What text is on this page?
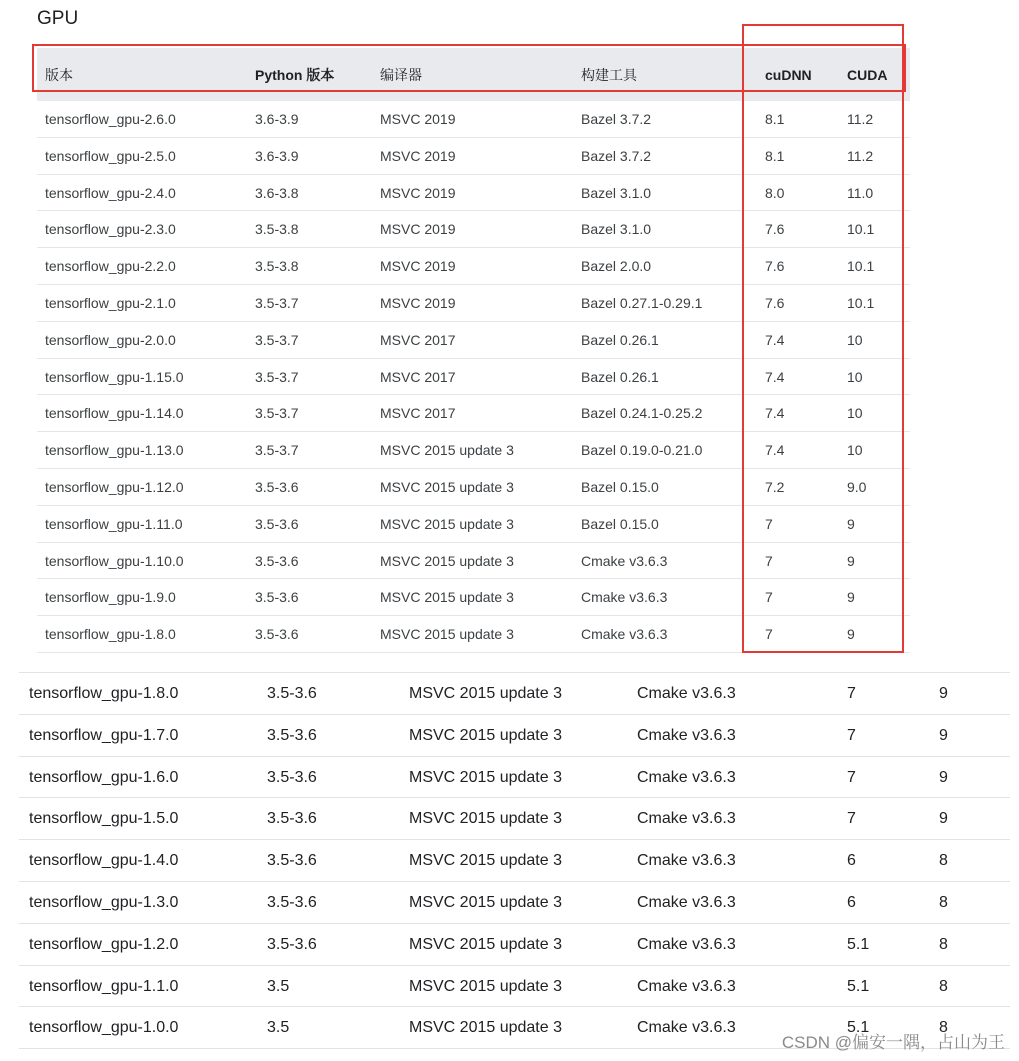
GPU
版本	Python 版本	编译器	构建工具	cuDNN	CUDA
tensorflow_gpu-2.6.0	3.6-3.9	MSVC 2019	Bazel 3.7.2	8.1	11.2
tensorflow_gpu-2.5.0	3.6-3.9	MSVC 2019	Bazel 3.7.2	8.1	11.2
tensorflow_gpu-2.4.0	3.6-3.8	MSVC 2019	Bazel 3.1.0	8.0	11.0
tensorflow_gpu-2.3.0	3.5-3.8	MSVC 2019	Bazel 3.1.0	7.6	10.1
tensorflow_gpu-2.2.0	3.5-3.8	MSVC 2019	Bazel 2.0.0	7.6	10.1
tensorflow_gpu-2.1.0	3.5-3.7	MSVC 2019	Bazel 0.27.1-0.29.1	7.6	10.1
tensorflow_gpu-2.0.0	3.5-3.7	MSVC 2017	Bazel 0.26.1	7.4	10
tensorflow_gpu-1.15.0	3.5-3.7	MSVC 2017	Bazel 0.26.1	7.4	10
tensorflow_gpu-1.14.0	3.5-3.7	MSVC 2017	Bazel 0.24.1-0.25.2	7.4	10
tensorflow_gpu-1.13.0	3.5-3.7	MSVC 2015 update 3	Bazel 0.19.0-0.21.0	7.4	10
tensorflow_gpu-1.12.0	3.5-3.6	MSVC 2015 update 3	Bazel 0.15.0	7.2	9.0
tensorflow_gpu-1.11.0	3.5-3.6	MSVC 2015 update 3	Bazel 0.15.0	7	9
tensorflow_gpu-1.10.0	3.5-3.6	MSVC 2015 update 3	Cmake v3.6.3	7	9
tensorflow_gpu-1.9.0	3.5-3.6	MSVC 2015 update 3	Cmake v3.6.3	7	9
tensorflow_gpu-1.8.0	3.5-3.6	MSVC 2015 update 3	Cmake v3.6.3	7	9
tensorflow_gpu-1.8.0	3.5-3.6	MSVC 2015 update 3	Cmake v3.6.3	7	9
tensorflow_gpu-1.7.0	3.5-3.6	MSVC 2015 update 3	Cmake v3.6.3	7	9
tensorflow_gpu-1.6.0	3.5-3.6	MSVC 2015 update 3	Cmake v3.6.3	7	9
tensorflow_gpu-1.5.0	3.5-3.6	MSVC 2015 update 3	Cmake v3.6.3	7	9
tensorflow_gpu-1.4.0	3.5-3.6	MSVC 2015 update 3	Cmake v3.6.3	6	8
tensorflow_gpu-1.3.0	3.5-3.6	MSVC 2015 update 3	Cmake v3.6.3	6	8
tensorflow_gpu-1.2.0	3.5-3.6	MSVC 2015 update 3	Cmake v3.6.3	5.1	8
tensorflow_gpu-1.1.0	3.5	MSVC 2015 update 3	Cmake v3.6.3	5.1	8
tensorflow_gpu-1.0.0	3.5	MSVC 2015 update 3	Cmake v3.6.3	5.1	8
CSDN @偏安一隅，占山为王
